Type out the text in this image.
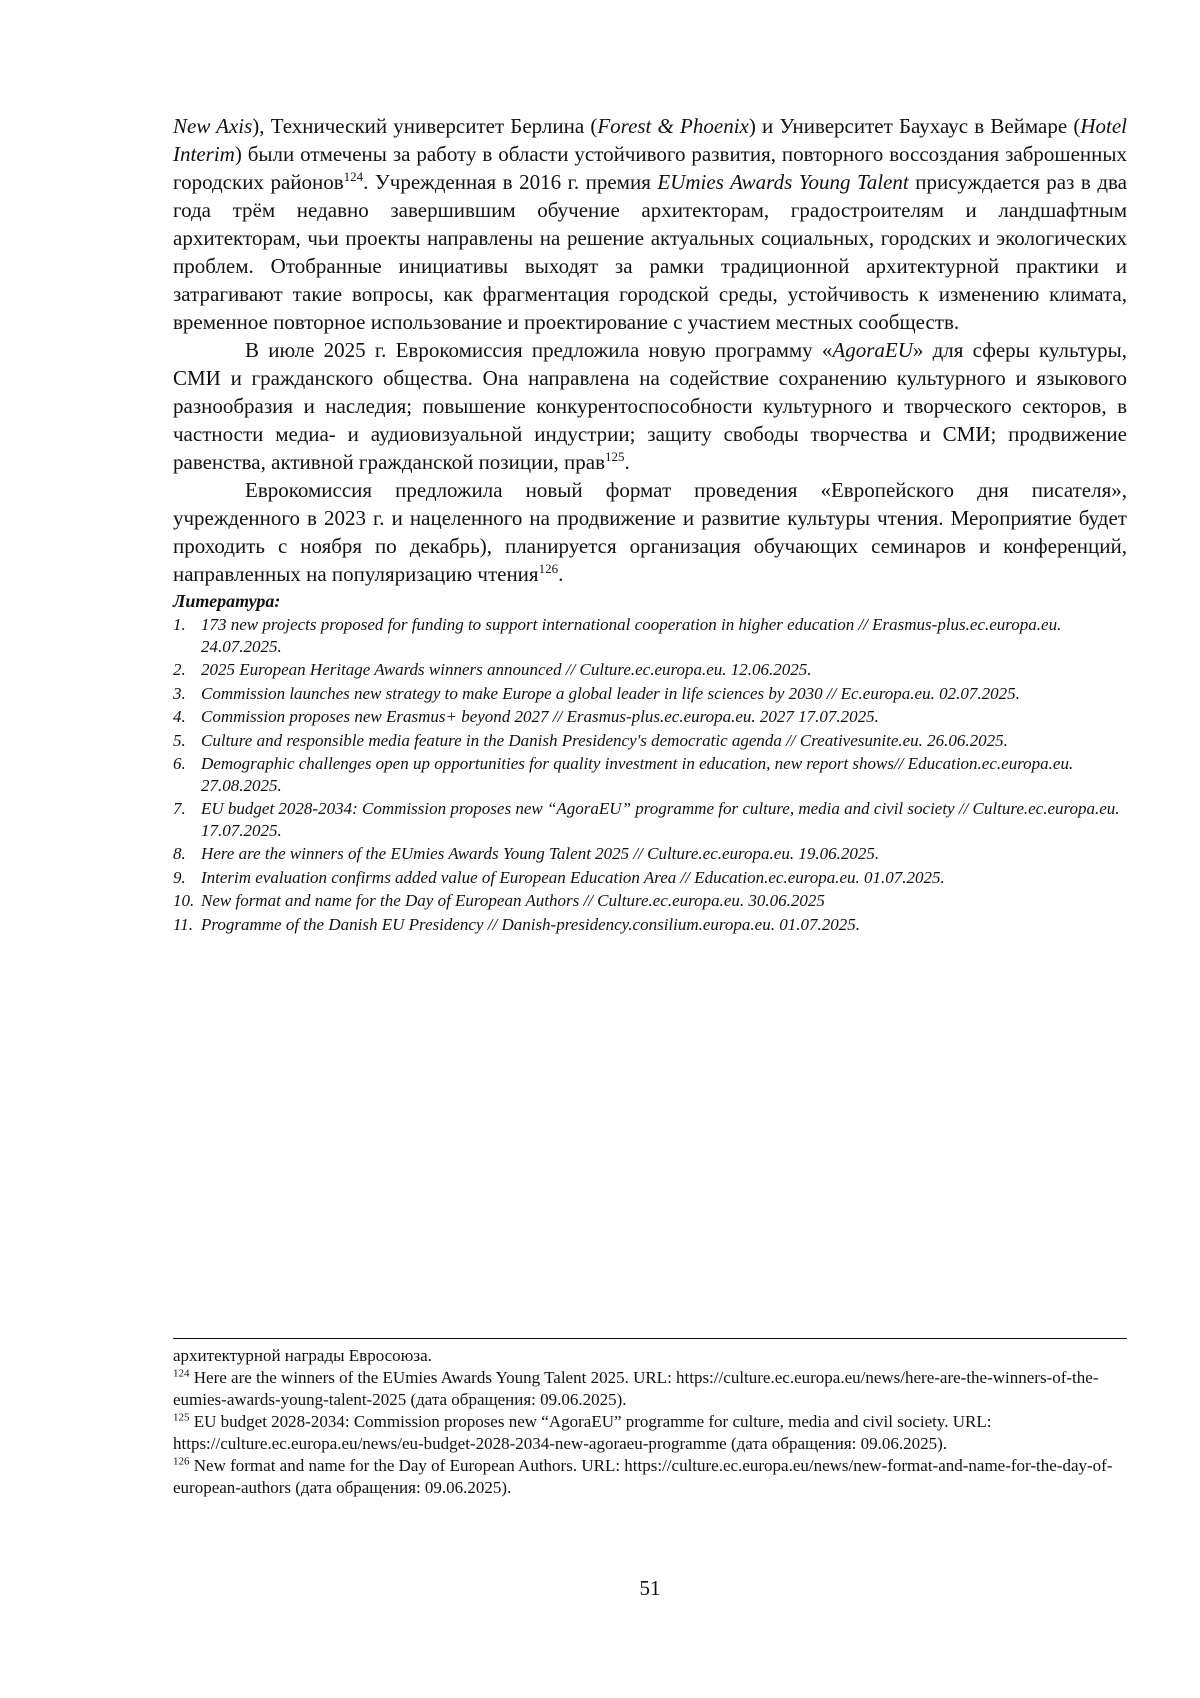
New Axis), Технический университет Берлина (Forest & Phoenix) и Университет Баухаус в Веймаре (Hotel Interim) были отмечены за работу в области устойчивого развития, повторного воссоздания заброшенных городских районов$^{124}$. Учрежденная в 2016 г. премия EUmies Awards Young Talent присуждается раз в два года трём недавно завершившим обучение архитекторам, градостроителям и ландшафтным архитекторам, чьи проекты направлены на решение актуальных социальных, городских и экологических проблем. Отобранные инициативы выходят за рамки традиционной архитектурной практики и затрагивают такие вопросы, как фрагментация городской среды, устойчивость к изменению климата, временное повторное использование и проектирование с участием местных сообществ.

В июле 2025 г. Еврокомиссия предложила новую программу «AgoraEU» для сферы культуры, СМИ и гражданского общества. Она направлена на содействие сохранению культурного и языкового разнообразия и наследия; повышение конкурентоспособности культурного и творческого секторов, в частности медиа- и аудиовизуальной индустрии; защиту свободы творчества и СМИ; продвижение равенства, активной гражданской позиции, прав$^{125}$.

Еврокомиссия предложила новый формат проведения «Европейского дня писателя», учрежденного в 2023 г. и нацеленного на продвижение и развитие культуры чтения. Мероприятие будет проходить с ноября по декабрь), планируется организация обучающих семинаров и конференций, направленных на популяризацию чтения$^{126}$.

Литература:
1. 173 new projects proposed for funding to support international cooperation in higher education // Erasmus-plus.ec.europa.eu. 24.07.2025.
2. 2025 European Heritage Awards winners announced // Culture.ec.europa.eu. 12.06.2025.
3. Commission launches new strategy to make Europe a global leader in life sciences by 2030 // Ec.europa.eu. 02.07.2025.
4. Commission proposes new Erasmus+ beyond 2027 // Erasmus-plus.ec.europa.eu. 2027 17.07.2025.
5. Culture and responsible media feature in the Danish Presidency's democratic agenda // Creativesunite.eu. 26.06.2025.
6. Demographic challenges open up opportunities for quality investment in education, new report shows// Education.ec.europa.eu. 27.08.2025.
7. EU budget 2028-2034: Commission proposes new “AgoraEU” programme for culture, media and civil society // Culture.ec.europa.eu. 17.07.2025.
8. Here are the winners of the EUmies Awards Young Talent 2025 // Culture.ec.europa.eu. 19.06.2025.
9. Interim evaluation confirms added value of European Education Area // Education.ec.europa.eu. 01.07.2025.
10. New format and name for the Day of European Authors // Culture.ec.europa.eu. 30.06.2025
11. Programme of the Danish EU Presidency // Danish-presidency.consilium.europa.eu. 01.07.2025.

архитектурной награды Евросоюза.

$^{124}$ Here are the winners of the EUmies Awards Young Talent 2025. URL: https://culture.ec.europa.eu/news/here-are-the-winners-of-the-eumies-awards-young-talent-2025 (дата обращения: 09.06.2025).

$^{125}$ EU budget 2028-2034: Commission proposes new “AgoraEU” programme for culture, media and civil society. URL: https://culture.ec.europa.eu/news/eu-budget-2028-2034-new-agoraeu-programme (дата обращения: 09.06.2025).

$^{126}$ New format and name for the Day of European Authors. URL: https://culture.ec.europa.eu/news/new-format-and-name-for-the-day-of-european-authors (дата обращения: 09.06.2025).

51
